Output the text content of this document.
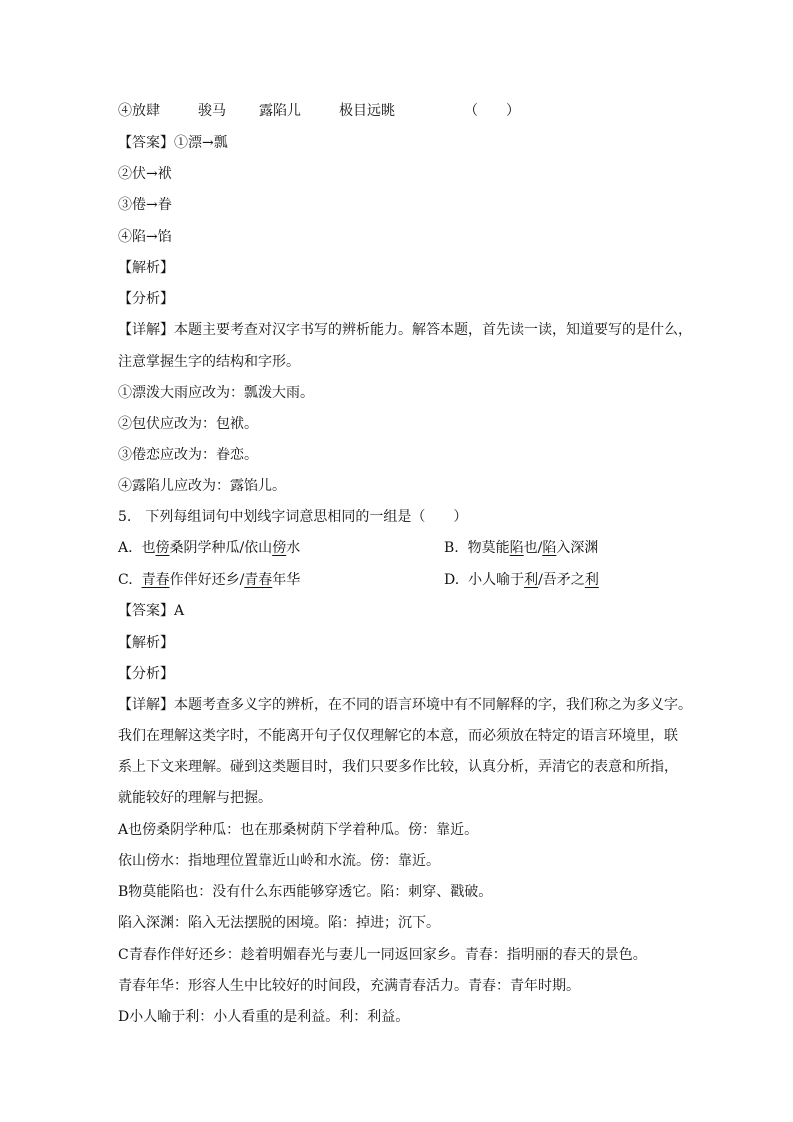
④放肆	骏马 露陷儿	极目远眺	（　　）
【答案】①漂→瓢
②伏→袱
③倦→眷
④陷→馅
【解析】
【分析】
【详解】本题主要考查对汉字书写的辨析能力。解答本题，首先读一读，知道要写的是什么，
注意掌握生字的结构和字形。
①漂泼大雨应改为：瓢泼大雨。
②包伏应改为：包袱。
③倦恋应改为：眷恋。
④露陷儿应改为：露馅儿。
5.　下列每组词句中划线字词意思相同的一组是（　　）
A. 也傍桑阴学种瓜/依山傍水	B. 物莫能陷也/陷入深渊
C. 青春作伴好还乡/青春年华	D. 小人喻于利/吾矛之利
【答案】A
【解析】
【分析】
【详解】本题考查多义字的辨析，在不同的语言环境中有不同解释的字，我们称之为多义字。
我们在理解这类字时，不能离开句子仅仅理解它的本意，而必须放在特定的语言环境里，联
系上下文来理解。碰到这类题目时，我们只要多作比较，认真分析，弄清它的表意和所指，
就能较好的理解与把握。
A也傍桑阴学种瓜：也在那桑树荫下学着种瓜。傍：靠近。
依山傍水：指地理位置靠近山岭和水流。傍：靠近。
B物莫能陷也：没有什么东西能够穿透它。陷：刺穿、戳破。
陷入深渊：陷入无法摆脱的困境。陷：掉进；沉下。
C青春作伴好还乡：趁着明媚春光与妻儿一同返回家乡。青春：指明丽的春天的景色。
青春年华：形容人生中比较好的时间段，充满青春活力。青春：青年时期。
D小人喻于利：小人看重的是利益。利：利益。
